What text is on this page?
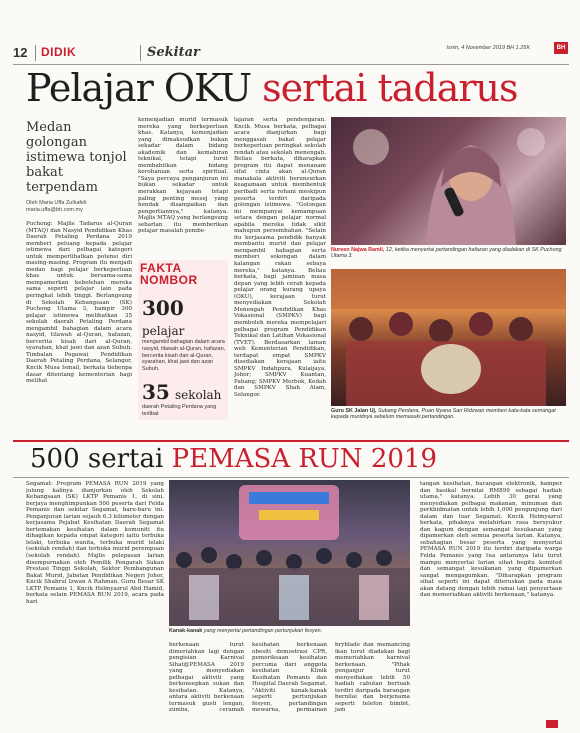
12 DIDIK	Sekitar	Isnin, 4 November 2019 BH 1.25K	BH
Pelajar OKU sertai tadarus
Medan golongan istimewa tonjol bakat terpendam
Oleh Maria Uffa Zulkafeli maria.uffa@bh.com.my
Puchong: Majlis Tadarus al-Quran (MTAQ) dan Nasyid Pendidikan Khas Daerah Petaling Perdana 2019 memberi peluang kepada pelajar istimewa dari pelbagai kategori untuk memperlihatkan potensi diri masing-masing. Program itu menjadi medan bagi pelajar berkeperluan khas untuk bersama-sama mempamerkan kebolehan mereka sama seperti pelajar lain pada peringkat lebih tinggi. Berlangsung di Sekolah Kebangsaan (SK) Puchong Utama 3, hampir 300 pelajar istimewa melibatkan 35 sekolah daerah Petaling Perdana mengambil bahagian dalam acara nasyid, tilawah al-Quran, hafazan, bercerita kisah dari al-Quran, syarahan, khat jawi dan azan Subuh. Timbalan Pegawai Pendidikan Daerah Petaling Perdana, Selangor, Kncik Musa Ismail, berkata tiebenpa dasar ditentang kementerian bagi melihat
kemenjadian murid termasuk mereka yang berkeperluan khas. Katanya, kemenjadian yang dimaksudkan bukan sekadar dalam bidang akademik dan kemahiran teknikal, tetapi turut membabitkan bidang kerohanian serta spiritual. "Saya percaya penganjuran ini bukan sekadar untuk merakkan kejayaan tetapi paling penting mesej yang hendak disampaikan dan pengertiannya," katanya. Majlis MTAQ yang berlangsung sebarlan itu memberikan pelajar masalah pembe-
lajaran serta pendengaran. Kncik Musa berkata, pelbagai acara dianjurkan bagi menggasah bakat pelajar berkeperluan peringkat sekolah rendah atau sekolah menengah. Beliau berkata, diharapkan program itu dapat menanam sifat cinta akan al-Quran manakala aktiviti berunsurkan keagamaan untuk membentuk peribadi serta rohani meskipun peserta terdiri daripada golongan istimewa. "Golongan ini mempunyai kemampuan setara dengan pelajar normal apabila mereka tidak sikit mahupun persembahan. "Selain itu kerjasama pendidik banyak membantu murid dan pelajar mengambil bahagian serta memberi sokongan dalam kalangan rakan sebaya mereka," katanya. Beliau berkata, bagi jaminan masa depan yang lebih cerah kepada pelajar orang kurang upaya (OKU), kerajaan turut menyediakan Sekolah Menengah Pendidikan Khas Vokasional (SMPKV) bagi memboleh mereka mempelajari pelbagai program Pendidikan Teknikal dan Latihan Vokasional (TVET). Berdasarkan laman web Kementerian Pendidikan, terdapat empat SMPKV disediakan kerajaan iaitu SMPKV Indahpura, Kulaijaya, Johor; SMPKV Kuantan, Pahang; SMPKV Merbok, Kedah dan SMPKV Shah Alam, Selangor.
FAKTA
NOMBOR
300 pelajar
mengambil bahagian dalam acara nasyid, tilawah al-Quran, hafazan, bercerita kisah dari al-Quran, syarahan, khat jawi dan azan Subuh.
35 sekolah
daerah Petaling Perdana yang terlibat
Nureen Najwa Ramli, 12, ketika menyertai pertandingan hafazan yang diadakan di SK Puchong Utama 3.
Guru SK Jalan Uj, Subang Perdana, Puan Iliyana Sari Ridzwan memberi kata-kata semangat kepada muridnya sebelum memasuki pertandingan.
500 sertai PEMASA RUN 2019
Segamat: Program PEMASA RUN 2019 yang julung kalinya dianjurkan oleh Sekolah Kebangsaan (SK) LKTP Pemanis 1, di sini, berjaya menghimpunkan 500 peserta dari Felda Pemanis dan sekitar Segamat, baru-baru ini. Penganjuran larian sejauh 6.3 kilometer dengan kerjasama Pejabat Kesihatan Daerah Segamat bertemakan kesihatan dalam komuniti itu dihagikan kepada empat kategori iaitu terbuka lelaki, terbuka wanita, terbuka murid lelaki (sekolah rendah) dan terbuka murid perempuan (sekolah rendah). Majlis pelepasan larian disempurnakan oleh Pemilik Pengarah Sukan Prestasi Tinggi Sekolah, Sektor Pembangunan Bakat Murid, Jabatan Pendidikan Negeri Johor, Kncik Shahrul Izwan A Rahman. Guru Besar SK LKTP Pemanis 1, Kncik Helmyazrul Abd Hamid, berkata selain PEMASA RUN 2019, acara pada hari
Kanak-kanak yang menyertai pertandingan pertunjukan fesyen.
berkenaan turut dimeriahkan lagi dengan pengisian Karnival Sihat@PEMASA 2019 yang menyediakan pelbagai aktiviti yang berkonsepkan sukan dan kesihatan. Katanya, antara aktiviti berkenaan termasuk gusti lengan, zumba, ceramah kesihatan berkenaan obesiti demostrasi CPR, pemeriksaan kesihatan percuma dari anggota kesihatan Klinik Kesihatan Pemanis dan Hospital Daerah Segamat. "Aktiviti kanak-kanak seperti pertunjukan fesyen, pertandingan mewarna, permainan bryblade dan memancing ikan turut diadakan bagi memeriahkan karnival berkenaan. "Pihak penganjur turut menyediakan lebih 50 hadiah cabutan bertuah terdiri daripada barangan bernilai dan berjenama seperti telefon bimbit, jam
tangan kesihatan, barangan elektronik, hamper dan basikal bernilai RM899 sebagai hadiah utama," katanya. Lebih 30 gerai yang menyediakan pelbagai makanan, minuman dan perkhidmatan untuk lebih 1,000 pengunjung dari dalam dan luar Segamat. Kncik Helmyazrul berkata, pihaknya melahirkan rasa bersyukur dan kagum dengan semangat kesukanan yang dipamerkan oleh semua peserta larian. Katanya, sebahagian besar peserta yang menyertai PEMASA RUN 2019 itu terdiri daripada warga Felda Pemanis yang tua antaranya lalu turut mampu menyertai larian sihat begitu komited dan semangat kesukanan yang dipamerkan sangat mengagumkan. "Diharapkan program sihat seperti ini dapat diteruskan pada masa akan datang dengan lebih ramai lagi penyertaan dan memeriahkan aktiviti berkenaan," katanya.
